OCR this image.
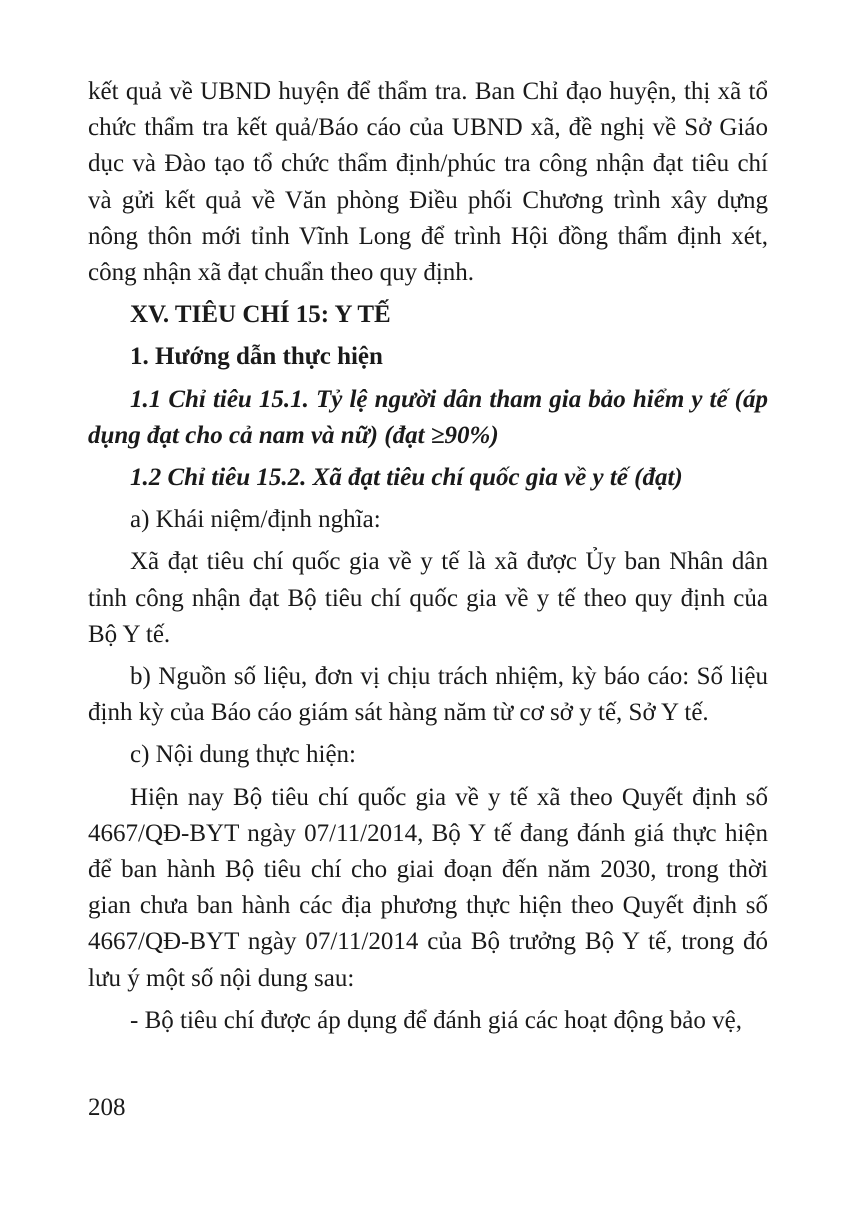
kết quả về UBND huyện để thẩm tra. Ban Chỉ đạo huyện, thị xã tổ chức thẩm tra kết quả/Báo cáo của UBND xã, đề nghị về Sở Giáo dục và Đào tạo tổ chức thẩm định/phúc tra công nhận đạt tiêu chí và gửi kết quả về Văn phòng Điều phối Chương trình xây dựng nông thôn mới tỉnh Vĩnh Long để trình Hội đồng thẩm định xét, công nhận xã đạt chuẩn theo quy định.

XV. TIÊU CHÍ 15: Y TẾ

1. Hướng dẫn thực hiện

1.1 Chỉ tiêu 15.1. Tỷ lệ người dân tham gia bảo hiểm y tế (áp dụng đạt cho cả nam và nữ) (đạt ≥90%)

1.2 Chỉ tiêu 15.2. Xã đạt tiêu chí quốc gia về y tế (đạt)

a) Khái niệm/định nghĩa:

Xã đạt tiêu chí quốc gia về y tế là xã được Ủy ban Nhân dân tỉnh công nhận đạt Bộ tiêu chí quốc gia về y tế theo quy định của Bộ Y tế.

b) Nguồn số liệu, đơn vị chịu trách nhiệm, kỳ báo cáo: Số liệu định kỳ của Báo cáo giám sát hàng năm từ cơ sở y tế, Sở Y tế.

c) Nội dung thực hiện:

Hiện nay Bộ tiêu chí quốc gia về y tế xã theo Quyết định số 4667/QĐ-BYT ngày 07/11/2014, Bộ Y tế đang đánh giá thực hiện để ban hành Bộ tiêu chí cho giai đoạn đến năm 2030, trong thời gian chưa ban hành các địa phương thực hiện theo Quyết định số 4667/QĐ-BYT ngày 07/11/2014 của Bộ trưởng Bộ Y tế, trong đó lưu ý một số nội dung sau:

- Bộ tiêu chí được áp dụng để đánh giá các hoạt động bảo vệ,

208
